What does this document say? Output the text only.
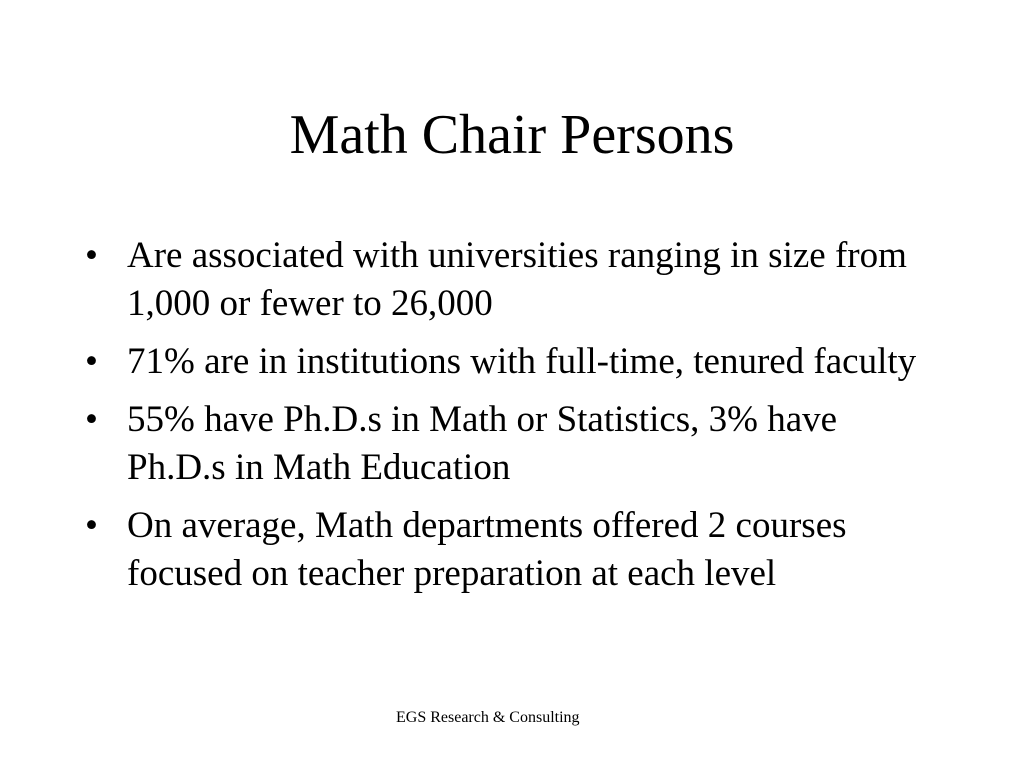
Math Chair Persons
• Are associated with universities ranging in size from 1,000 or fewer to 26,000
• 71% are in institutions with full-time, tenured faculty
• 55% have Ph.D.s in Math or Statistics, 3% have Ph.D.s in Math Education
• On average, Math departments offered 2 courses focused on teacher preparation at each level
EGS Research & Consulting
